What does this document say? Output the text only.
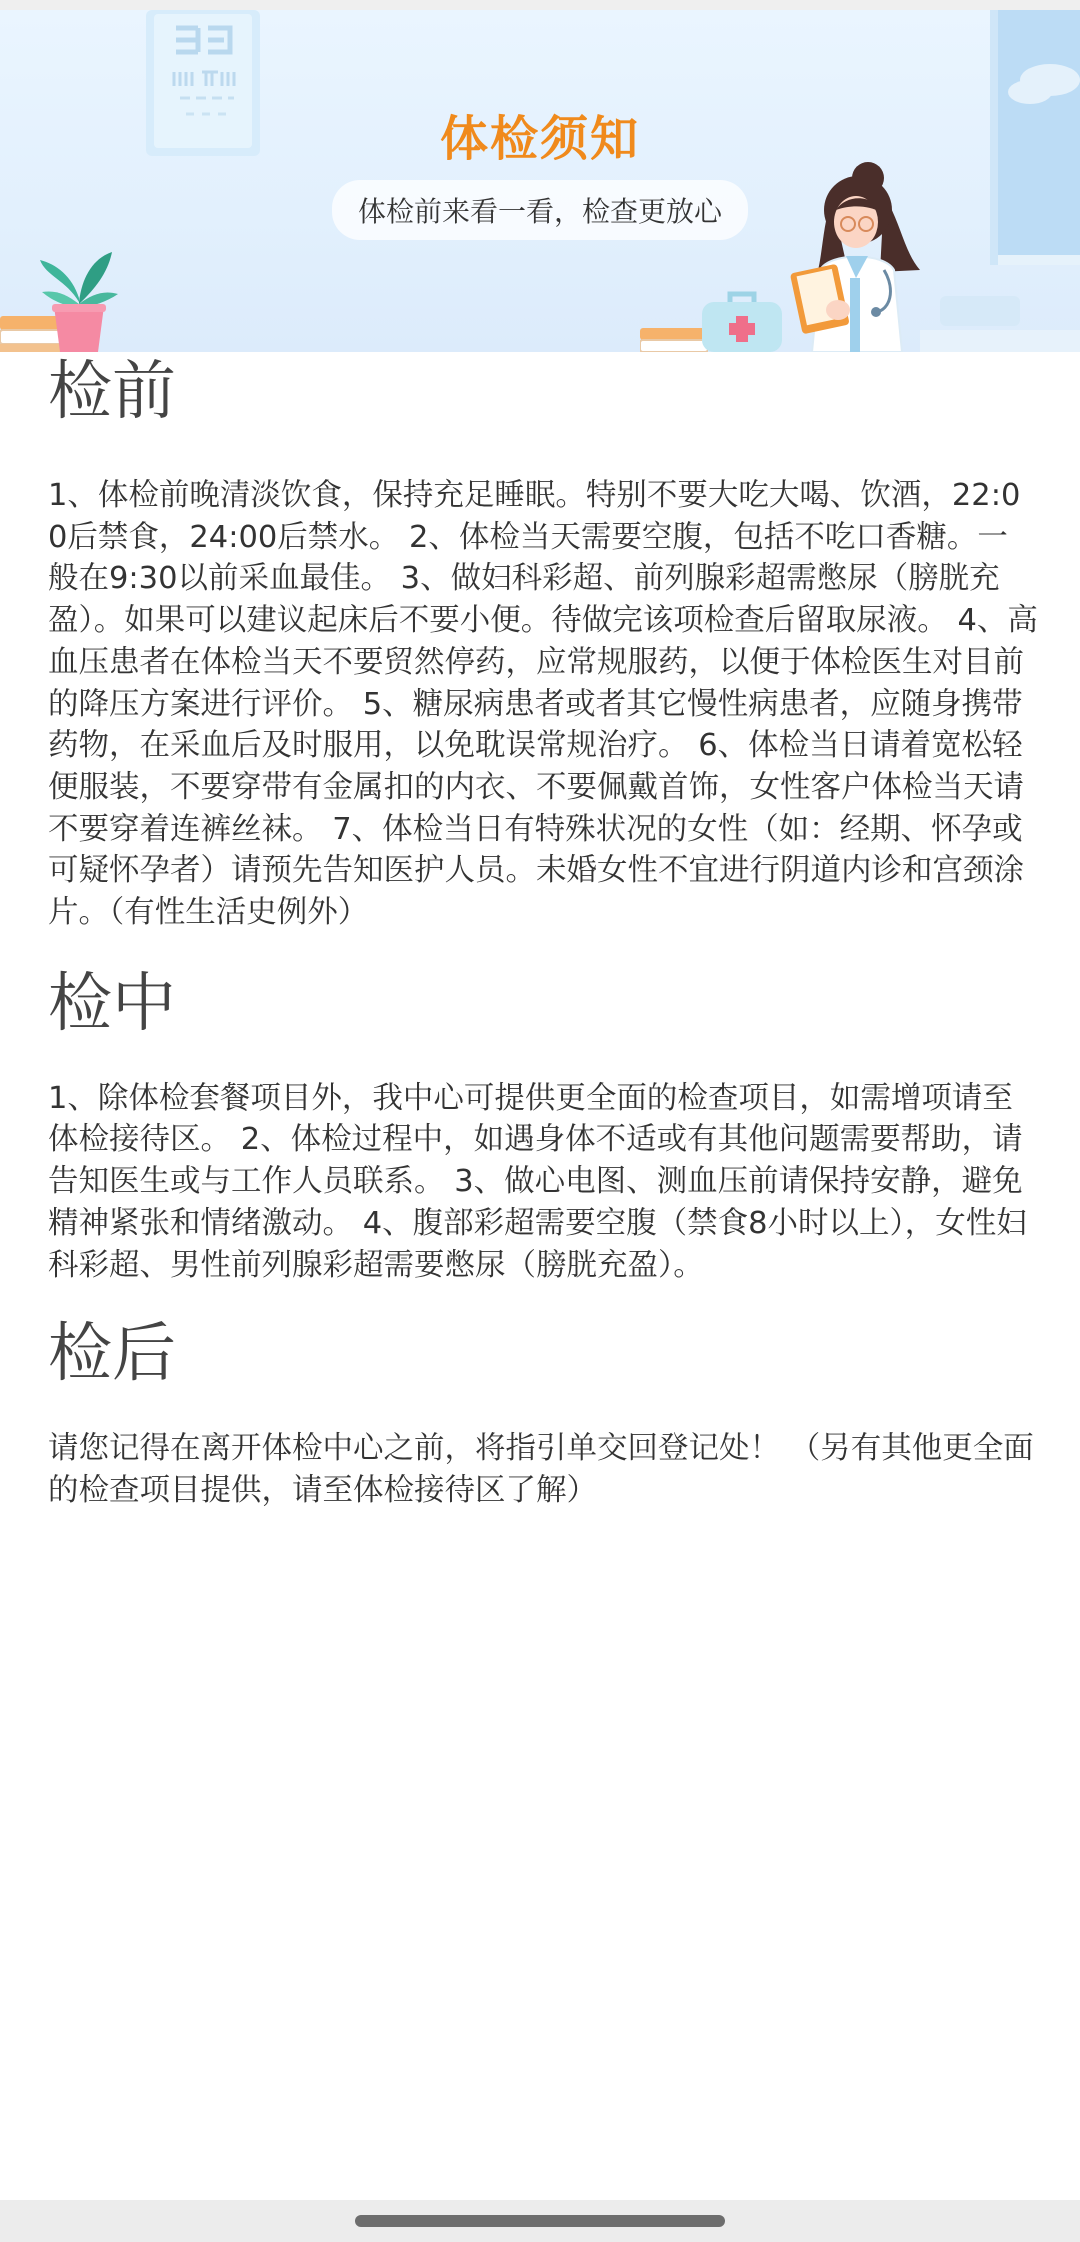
体检须知
体检前来看一看，检查更放心
检前

1、体检前晚清淡饮食，保持充足睡眠。特别不要大吃大喝、饮酒，22:00后禁食，24:00后禁水。 2、体检当天需要空腹，包括不吃口香糖。一般在9:30以前采血最佳。 3、做妇科彩超、前列腺彩超需憋尿（膀胱充盈）。如果可以建议起床后不要小便。待做完该项检查后留取尿液。 4、高血压患者在体检当天不要贸然停药，应常规服药，以便于体检医生对目前的降压方案进行评价。 5、糖尿病患者或者其它慢性病患者，应随身携带药物，在采血后及时服用，以免耽误常规治疗。 6、体检当日请着宽松轻便服装，不要穿带有金属扣的内衣、不要佩戴首饰，女性客户体检当天请不要穿着连裤丝袜。 7、体检当日有特殊状况的女性（如：经期、怀孕或可疑怀孕者）请预先告知医护人员。未婚女性不宜进行阴道内诊和宫颈涂片。（有性生活史例外）

检中

1、除体检套餐项目外，我中心可提供更全面的检查项目，如需增项请至体检接待区。 2、体检过程中，如遇身体不适或有其他问题需要帮助，请告知医生或与工作人员联系。 3、做心电图、测血压前请保持安静，避免精神紧张和情绪激动。 4、腹部彩超需要空腹（禁食8小时以上），女性妇科彩超、男性前列腺彩超需要憋尿（膀胱充盈）。

检后

请您记得在离开体检中心之前，将指引单交回登记处！ （另有其他更全面的检查项目提供，请至体检接待区了解）
